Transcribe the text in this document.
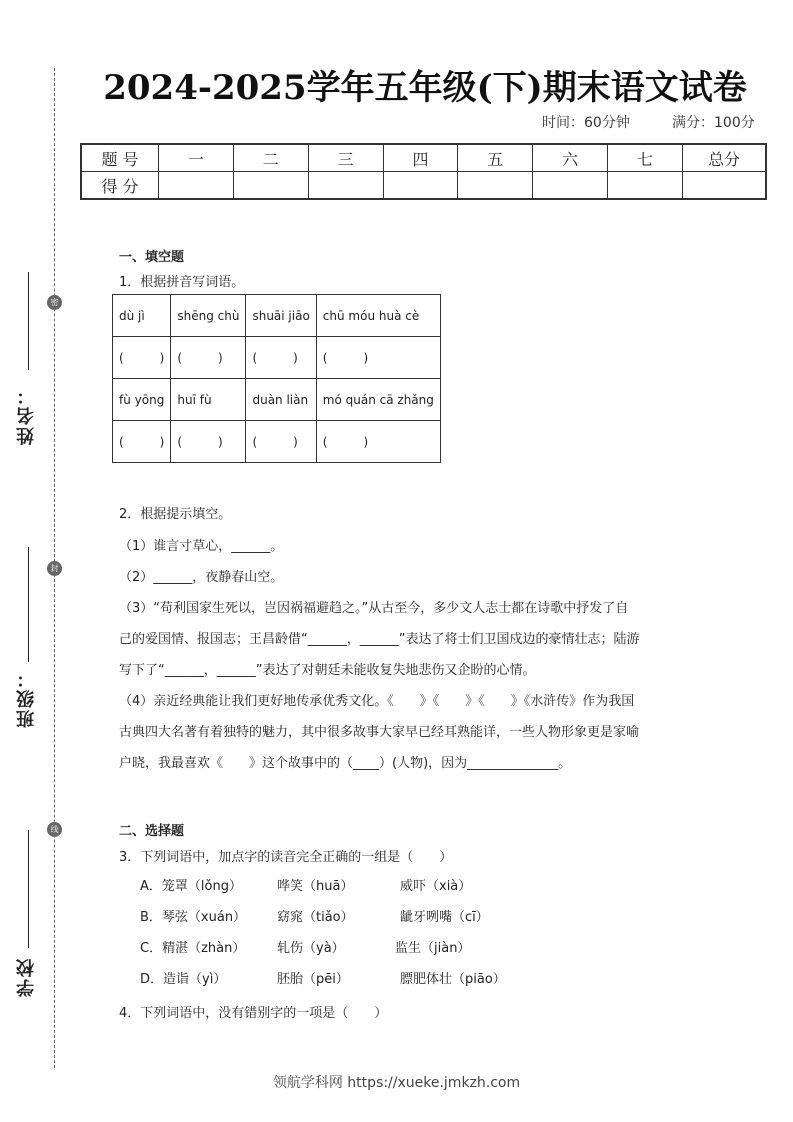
密
封
线
姓名：
班级：
学校
2024-2025学年五年级(下)期末语文试卷
时间：60分钟	满分：100分
题 号	一	二	三	四	五	六	七	总分
得 分								
一、填空题
1．根据拼音写词语。
dù jì	shēng chù	shuāi jiāo	chū móu huà cè
(　　　)	(　　　)	(　　　)	(　　　)
fù yōng	huī fù	duàn liàn	mó quán cā zhǎng
(　　　)	(　　　)	(　　　)	(　　　)
2．根据提示填空。
（1）谁言寸草心，______。
（2）______，夜静春山空。
（3）“苟利国家生死以，岂因祸福避趋之。”从古至今，多少文人志士都在诗歌中抒发了自
己的爱国情、报国志；王昌龄借“______，______”表达了将士们卫国戍边的豪情壮志；陆游
写下了“______，______”表达了对朝廷未能收复失地悲伤又企盼的心情。
（4）亲近经典能让我们更好地传承优秀文化。《　　》《　　》《　　》《水浒传》作为我国
古典四大名著有着独特的魅力，其中很多故事大家早已经耳熟能详，一些人物形象更是家喻
户晓，我最喜欢《　　》这个故事中的（____）(人物)，因为______________。
二、选择题
3．下列词语中，加点字的读音完全正确的一组是（　　）
A．笼罩（lǒng）	哗笑（huā）	威吓（xià）
B．琴弦（xuán） 窈窕（tiǎo）	龇牙咧嘴（cī）
C．精湛（zhàn） 轧伤（yà）	监生（jiàn）
D．造诣（yì）	胚胎（pēi）	膘肥体壮（piāo）
4．下列词语中，没有错别字的一项是（　　）
领航学科网 https://xueke.jmkzh.com
